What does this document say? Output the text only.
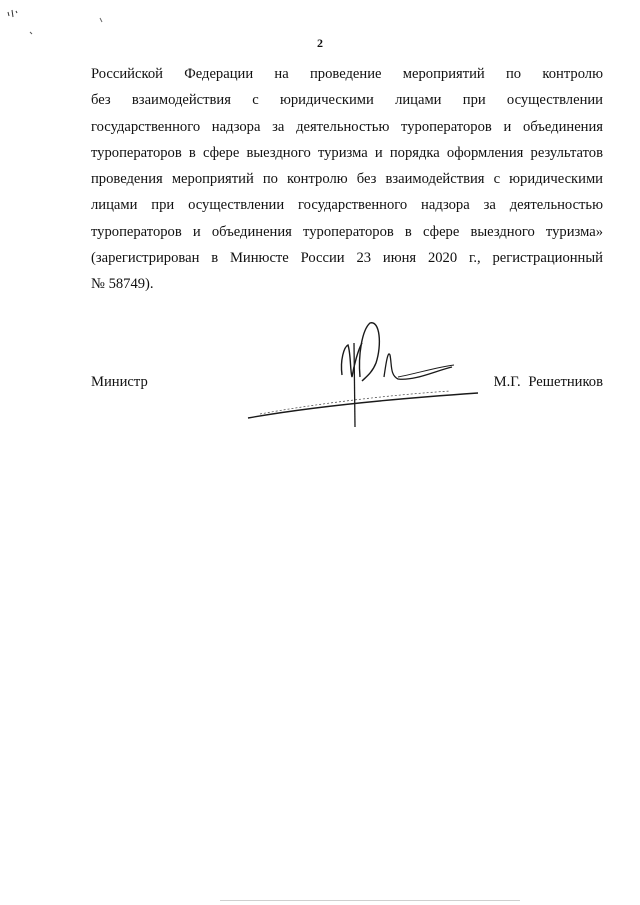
2

Российской Федерации на проведение мероприятий по контролю
без взаимодействия с юридическими лицами при осуществлении
государственного надзора за деятельностью туроператоров и объединения
туроператоров в сфере выездного туризма и порядка оформления результатов
проведения мероприятий по контролю без взаимодействия с юридическими
лицами при осуществлении государственного надзора за деятельностью
туроператоров и объединения туроператоров в сфере выездного туризма»
(зарегистрирован в Минюсте России 23 июня 2020 г., регистрационный
№ 58749).

Министр	М.Г. Решетников
